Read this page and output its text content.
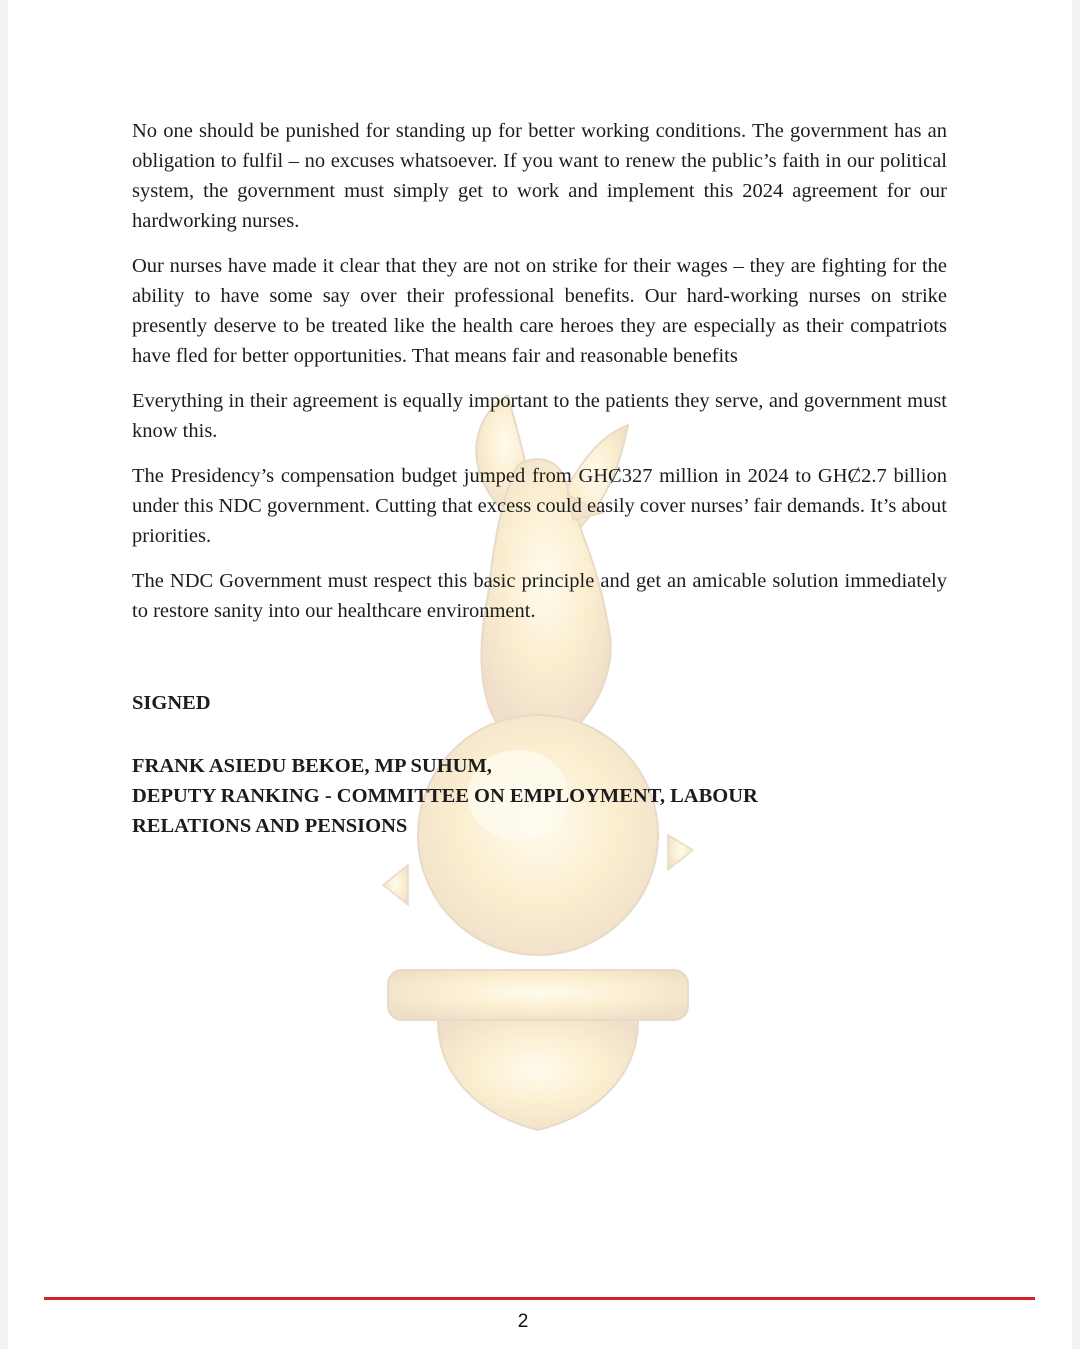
No one should be punished for standing up for better working conditions. The government has an obligation to fulfil – no excuses whatsoever. If you want to renew the public’s faith in our political system, the government must simply get to work and implement this 2024 agreement for our hardworking nurses.

Our nurses have made it clear that they are not on strike for their wages – they are fighting for the ability to have some say over their professional benefits. Our hard-working nurses on strike presently deserve to be treated like the health care heroes they are especially as their compatriots have fled for better opportunities. That means fair and reasonable benefits

Everything in their agreement is equally important to the patients they serve, and government must know this.

The Presidency’s compensation budget jumped from GHȻ327 million in 2024 to GHȻ2.7 billion under this NDC government. Cutting that excess could easily cover nurses’ fair demands. It’s about priorities.

The NDC Government must respect this basic principle and get an amicable solution immediately to restore sanity into our healthcare environment.

SIGNED
FRANK ASIEDU BEKOE, MP SUHUM,
DEPUTY RANKING - COMMITTEE ON EMPLOYMENT, LABOUR
RELATIONS AND PENSIONS
2
